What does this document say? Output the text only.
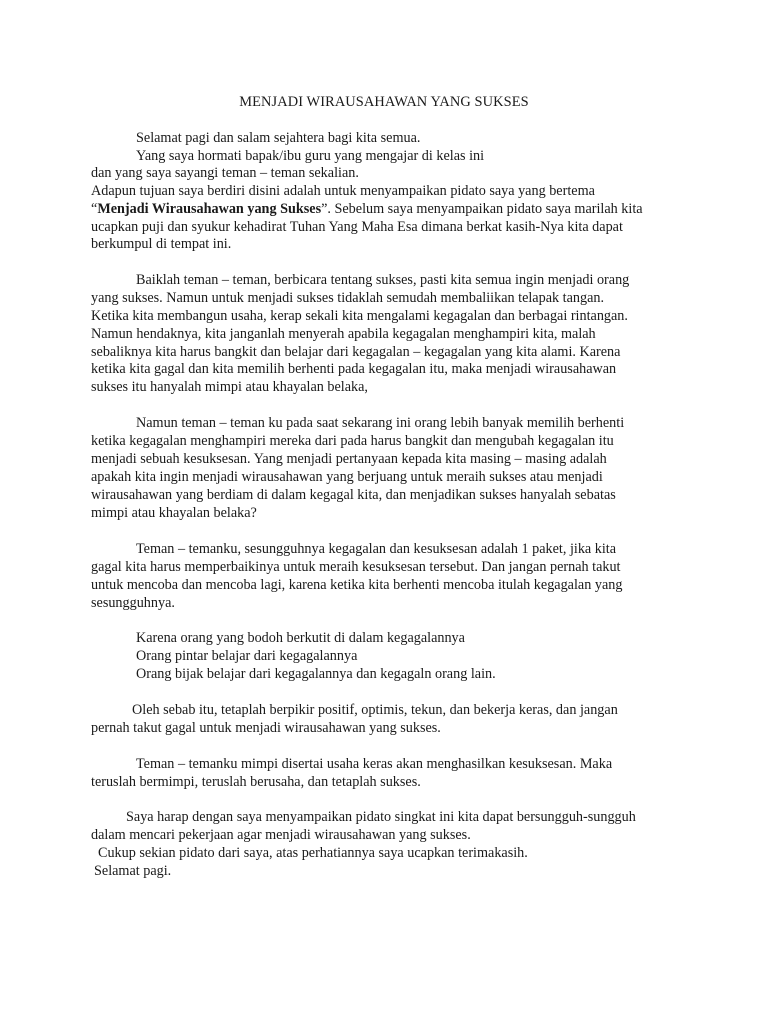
MENJADI WIRAUSAHAWAN YANG SUKSES
Selamat pagi dan salam sejahtera bagi kita semua.
Yang saya hormati bapak/ibu guru yang mengajar di kelas ini
dan yang saya sayangi teman – teman sekalian.
Adapun tujuan saya berdiri disini adalah untuk menyampaikan pidato saya yang bertema
“Menjadi Wirausahawan yang Sukses”. Sebelum saya menyampaikan pidato saya marilah kita
ucapkan puji dan syukur kehadirat Tuhan Yang Maha Esa dimana berkat kasih-Nya kita dapat
berkumpul di tempat ini.
Baiklah teman – teman, berbicara tentang sukses, pasti kita semua ingin menjadi orang
yang sukses. Namun untuk menjadi sukses tidaklah semudah membaliikan telapak tangan.
Ketika kita membangun usaha, kerap sekali kita mengalami kegagalan dan berbagai rintangan.
Namun hendaknya, kita janganlah menyerah apabila kegagalan menghampiri kita, malah
sebaliknya kita harus bangkit dan belajar dari kegagalan – kegagalan yang kita alami. Karena
ketika kita gagal dan kita memilih berhenti pada kegagalan itu, maka menjadi wirausahawan
sukses itu hanyalah mimpi atau khayalan belaka,
Namun teman – teman ku pada saat sekarang ini orang lebih banyak memilih berhenti
ketika kegagalan menghampiri mereka dari pada harus bangkit dan mengubah kegagalan itu
menjadi sebuah kesuksesan. Yang menjadi pertanyaan kepada kita masing – masing adalah
apakah kita ingin menjadi wirausahawan yang berjuang untuk meraih sukses atau menjadi
wirausahawan yang berdiam di dalam kegagal kita, dan menjadikan sukses hanyalah sebatas
mimpi atau khayalan belaka?
Teman – temanku, sesungguhnya kegagalan dan kesuksesan adalah 1 paket, jika kita
gagal kita harus memperbaikinya untuk meraih kesuksesan tersebut. Dan jangan pernah takut
untuk mencoba dan mencoba lagi, karena ketika kita berhenti mencoba itulah kegagalan yang
sesungguhnya.
Karena orang yang bodoh berkutit di dalam kegagalannya
Orang pintar belajar dari kegagalannya
Orang bijak belajar dari kegagalannya dan kegagaln orang lain.
Oleh sebab itu, tetaplah berpikir positif, optimis, tekun, dan bekerja keras, dan jangan
pernah takut gagal untuk menjadi wirausahawan yang sukses.
Teman – temanku mimpi disertai usaha keras akan menghasilkan kesuksesan. Maka
teruslah bermimpi, teruslah berusaha, dan tetaplah sukses.
Saya harap dengan saya menyampaikan pidato singkat ini kita dapat bersungguh-sungguh
dalam mencari pekerjaan agar menjadi wirausahawan yang sukses.
Cukup sekian pidato dari saya, atas perhatiannya saya ucapkan terimakasih.
Selamat pagi.
